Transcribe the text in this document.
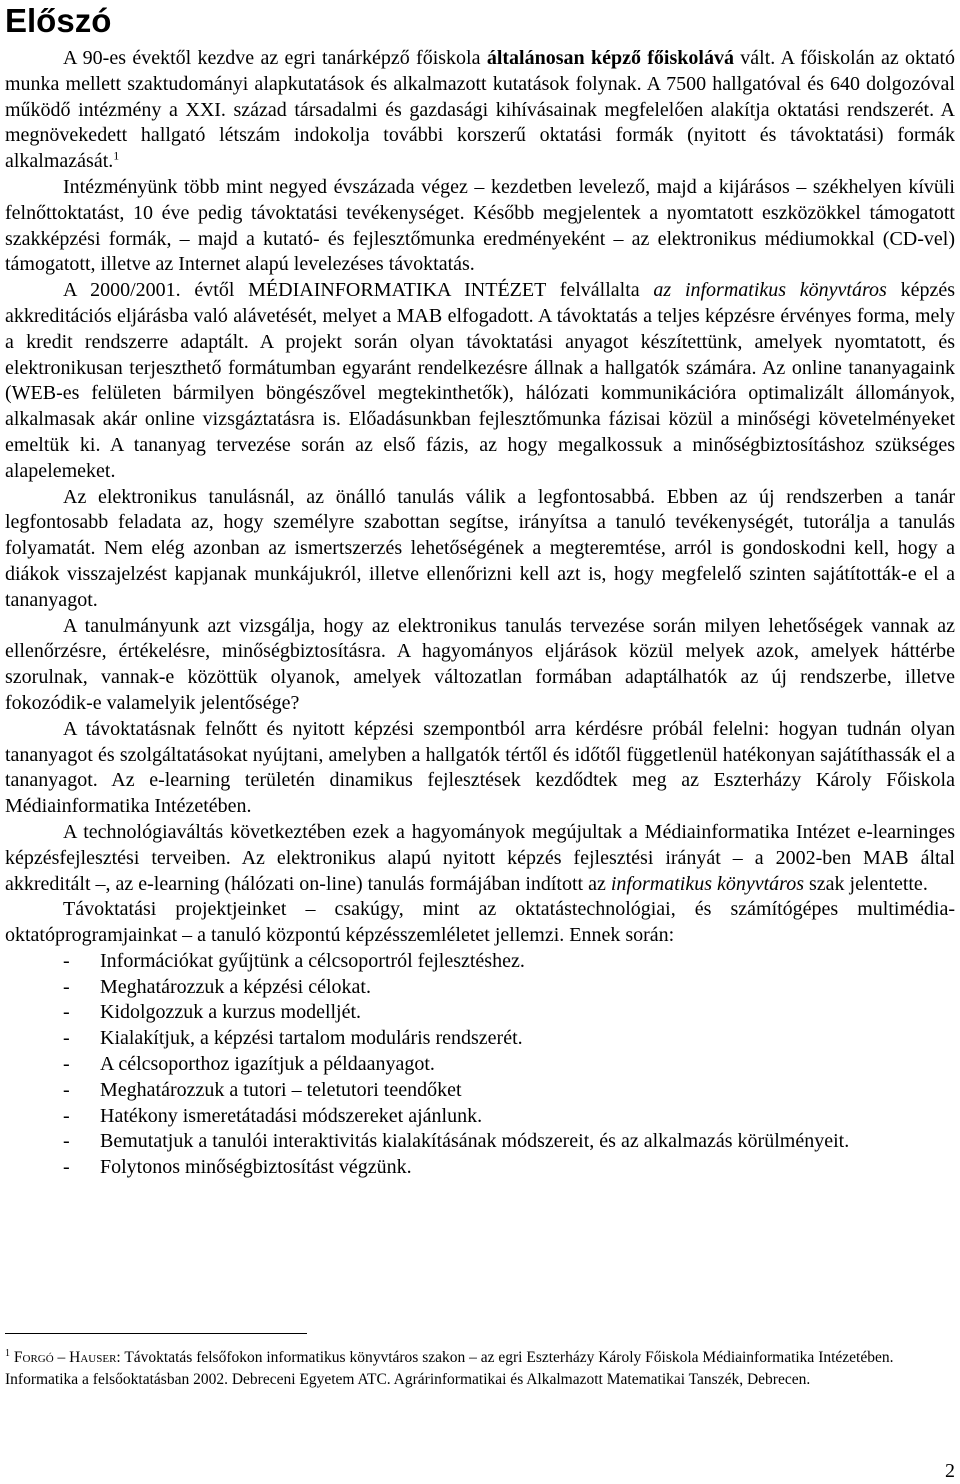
Előszó

A 90-es évektől kezdve az egri tanárképző főiskola általánosan képző főiskolává vált. A főiskolán az oktató munka mellett szaktudományi alapkutatások és alkalmazott kutatások folynak. A 7500 hallgatóval és 640 dolgozóval működő intézmény a XXI. század társadalmi és gazdasági kihívásainak megfelelően alakítja oktatási rendszerét. A megnövekedett hallgató létszám indokolja további korszerű oktatási formák (nyitott és távoktatási) formák alkalmazását.$^1$

Intézményünk több mint negyed évszázada végez – kezdetben levelező, majd a kijárásos – székhelyen kívüli felnőttoktatást, 10 éve pedig távoktatási tevékenységet. Később megjelentek a nyomtatott eszközökkel támogatott szakképzési formák, – majd a kutató- és fejlesztőmunka eredményeként – az elektronikus médiumokkal (CD-vel) támogatott, illetve az Internet alapú levelezéses távoktatás.

A 2000/2001. évtől MÉDIAINFORMATIKA INTÉZET felvállalta az informatikus könyvtáros képzés akkreditációs eljárásba való alávetését, melyet a MAB elfogadott. A távoktatás a teljes képzésre érvényes forma, mely a kredit rendszerre adaptált. A projekt során olyan távoktatási anyagot készítettünk, amelyek nyomtatott, és elektronikusan terjeszthető formátumban egyaránt rendelkezésre állnak a hallgatók számára. Az online tananyagaink (WEB-es felületen bármilyen böngészővel megtekinthetők), hálózati kommunikációra optimalizált állományok, alkalmasak akár online vizsgáztatásra is. Előadásunkban fejlesztőmunka fázisai közül a minőségi követelményeket emeltük ki. A tananyag tervezése során az első fázis, az hogy megalkossuk a minőségbiztosításhoz szükséges alapelemeket.

Az elektronikus tanulásnál, az önálló tanulás válik a legfontosabbá. Ebben az új rendszerben a tanár legfontosabb feladata az, hogy személyre szabottan segítse, irányítsa a tanuló tevékenységét, tutorálja a tanulás folyamatát. Nem elég azonban az ismertszerzés lehetőségének a megteremtése, arról is gondoskodni kell, hogy a diákok visszajelzést kapjanak munkájukról, illetve ellenőrizni kell azt is, hogy megfelelő szinten sajátították-e el a tananyagot.

A tanulmányunk azt vizsgálja, hogy az elektronikus tanulás tervezése során milyen lehetőségek vannak az ellenőrzésre, értékelésre, minőségbiztosításra. A hagyományos eljárások közül melyek azok, amelyek háttérbe szorulnak, vannak-e közöttük olyanok, amelyek változatlan formában adaptálhatók az új rendszerbe, illetve fokozódik-e valamelyik jelentősége?

A távoktatásnak felnőtt és nyitott képzési szempontból arra kérdésre próbál felelni: hogyan tudnán olyan tananyagot és szolgáltatásokat nyújtani, amelyben a hallgatók tértől és időtől függetlenül hatékonyan sajátíthassák el a tananyagot. Az e-learning területén dinamikus fejlesztések kezdődtek meg az Eszterházy Károly Főiskola Médiainformatika Intézetében.

A technológiaváltás következtében ezek a hagyományok megújultak a Médiainformatika Intézet e-learninges képzésfejlesztési terveiben. Az elektronikus alapú nyitott képzés fejlesztési irányát – a 2002-ben MAB által akkreditált –, az e-learning (hálózati on-line) tanulás formájában indított az informatikus könyvtáros szak jelentette.

Távoktatási projektjeinket – csakúgy, mint az oktatástechnológiai, és számítógépes multimédia-oktatóprogramjainkat – a tanuló központú képzésszemléletet jellemzi. Ennek során:

- Információkat gyűjtünk a célcsoportról fejlesztéshez.
- Meghatározzuk a képzési célokat.
- Kidolgozzuk a kurzus modelljét.
- Kialakítjuk, a képzési tartalom moduláris rendszerét.
- A célcsoporthoz igazítjuk a példaanyagot.
- Meghatározzuk a tutori – teletutori teendőket
- Hatékony ismeretátadási módszereket ajánlunk.
- Bemutatjuk a tanulói interaktivitás kialakításának módszereit, és az alkalmazás körülményeit.
- Folytonos minőségbiztosítást végzünk.
$^1$ Forgó – Hauser: Távoktatás felsőfokon informatikus könyvtáros szakon – az egri Eszterházy Károly Főiskola Médiainformatika Intézetében. Informatika a felsőoktatásban 2002. Debreceni Egyetem ATC. Agrárinformatikai és Alkalmazott Matematikai Tanszék, Debrecen.
2
